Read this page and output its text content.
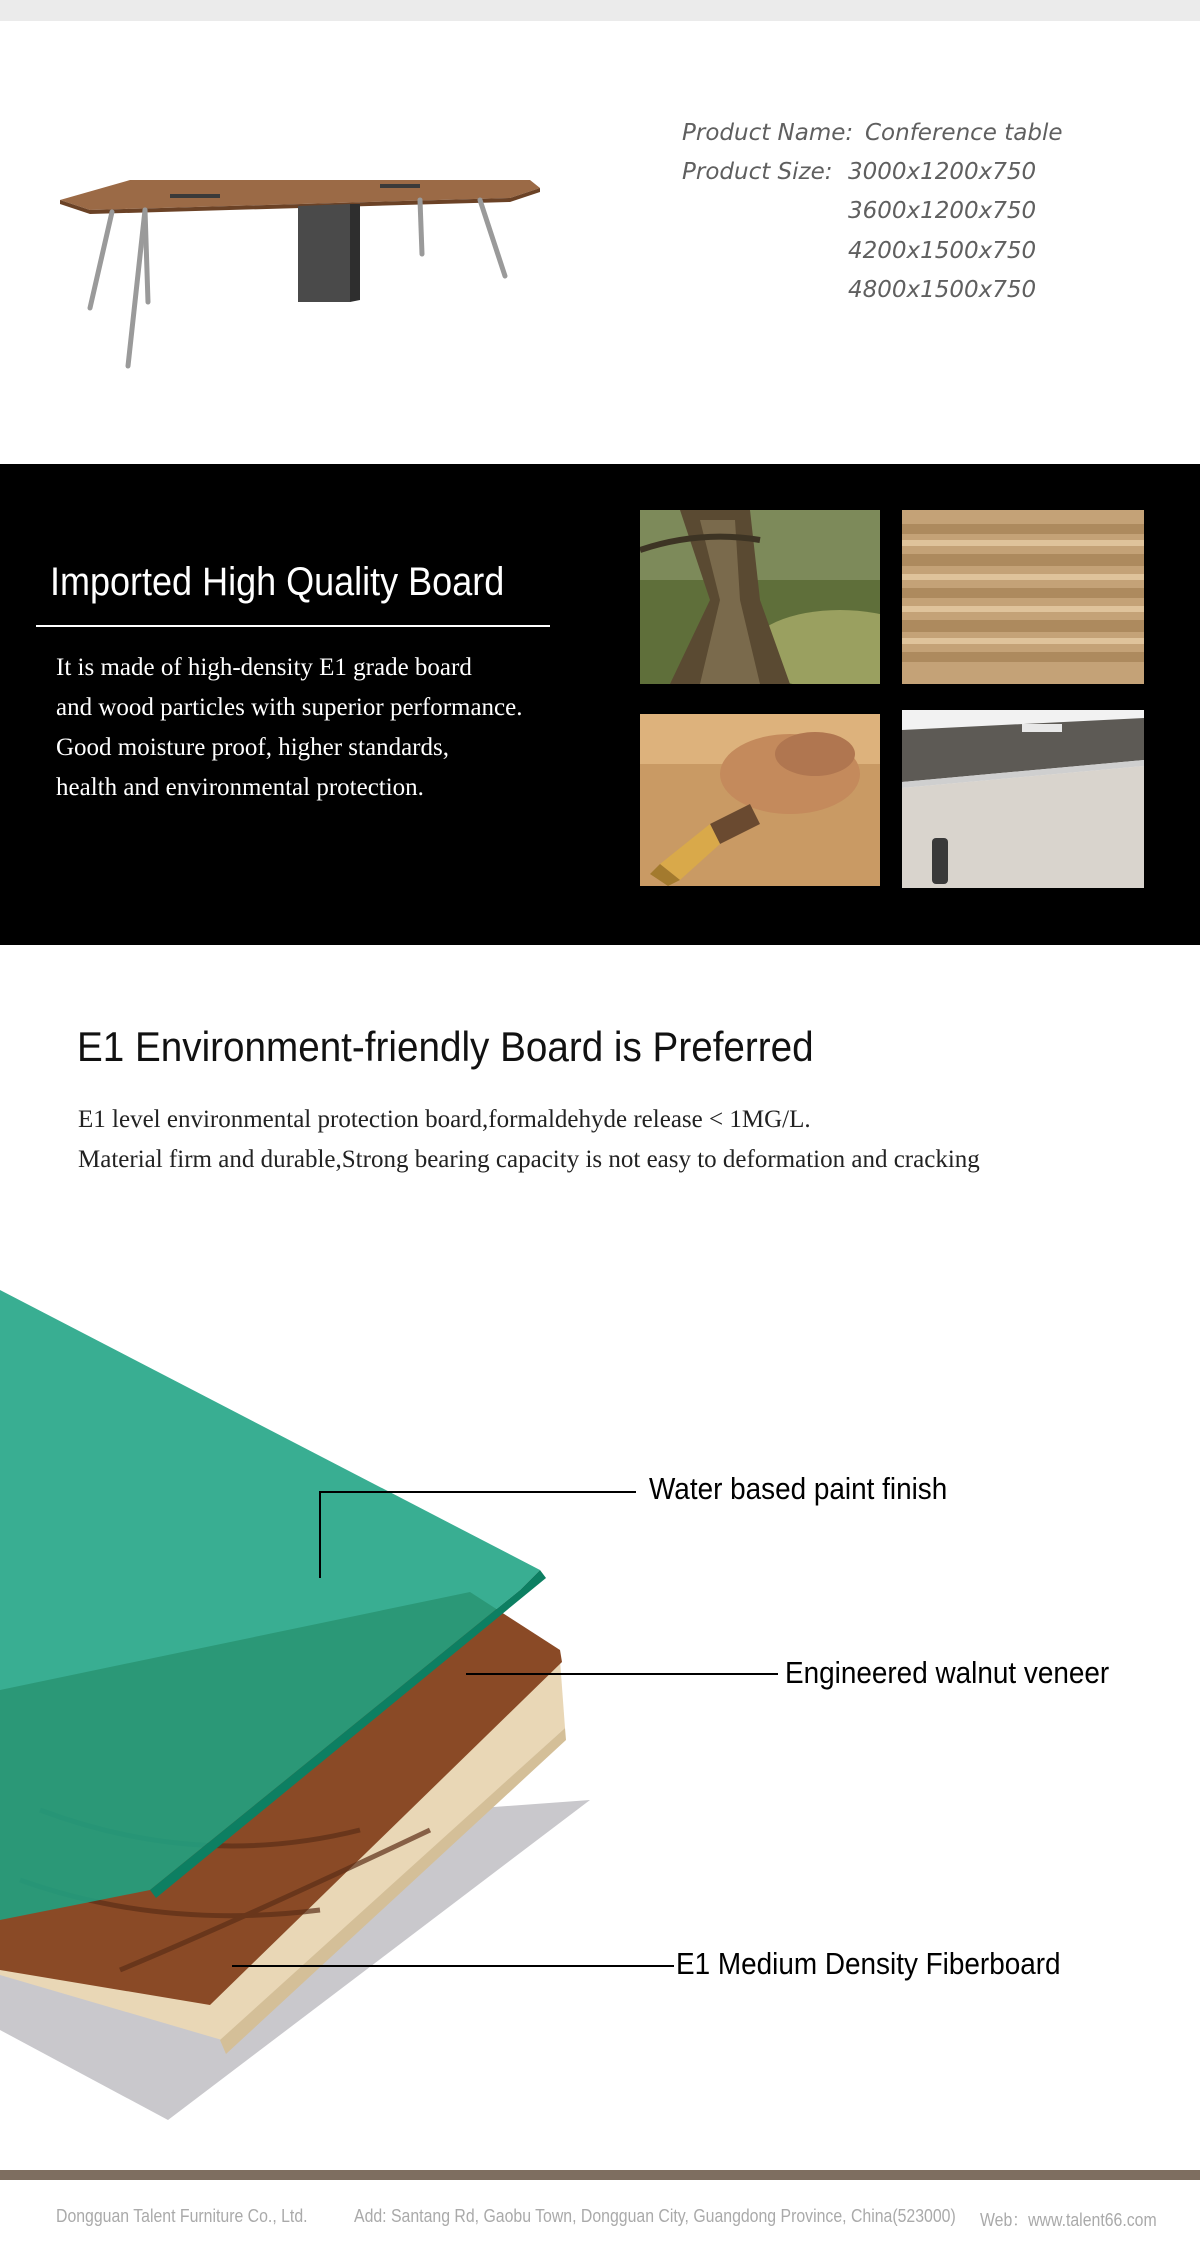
Product Name: Conference table
Product Size: 3000x1200x750
3600x1200x750
4200x1500x750
4800x1500x750
Imported High Quality Board
It is made of high-density E1 grade board
and wood particles with superior performance.
Good moisture proof, higher standards,
health and environmental protection.
E1 Environment-friendly Board is Preferred
E1 level environmental protection board,formaldehyde release < 1MG/L.
Material firm and durable,Strong bearing capacity is not easy to deformation and cracking
Water based paint finish
Engineered walnut veneer
E1 Medium Density Fiberboard
Dongguan Talent Furniture Co., Ltd.	Add: Santang Rd, Gaobu Town, Dongguan City, Guangdong Province, China(523000) Web：www.talent66.com
